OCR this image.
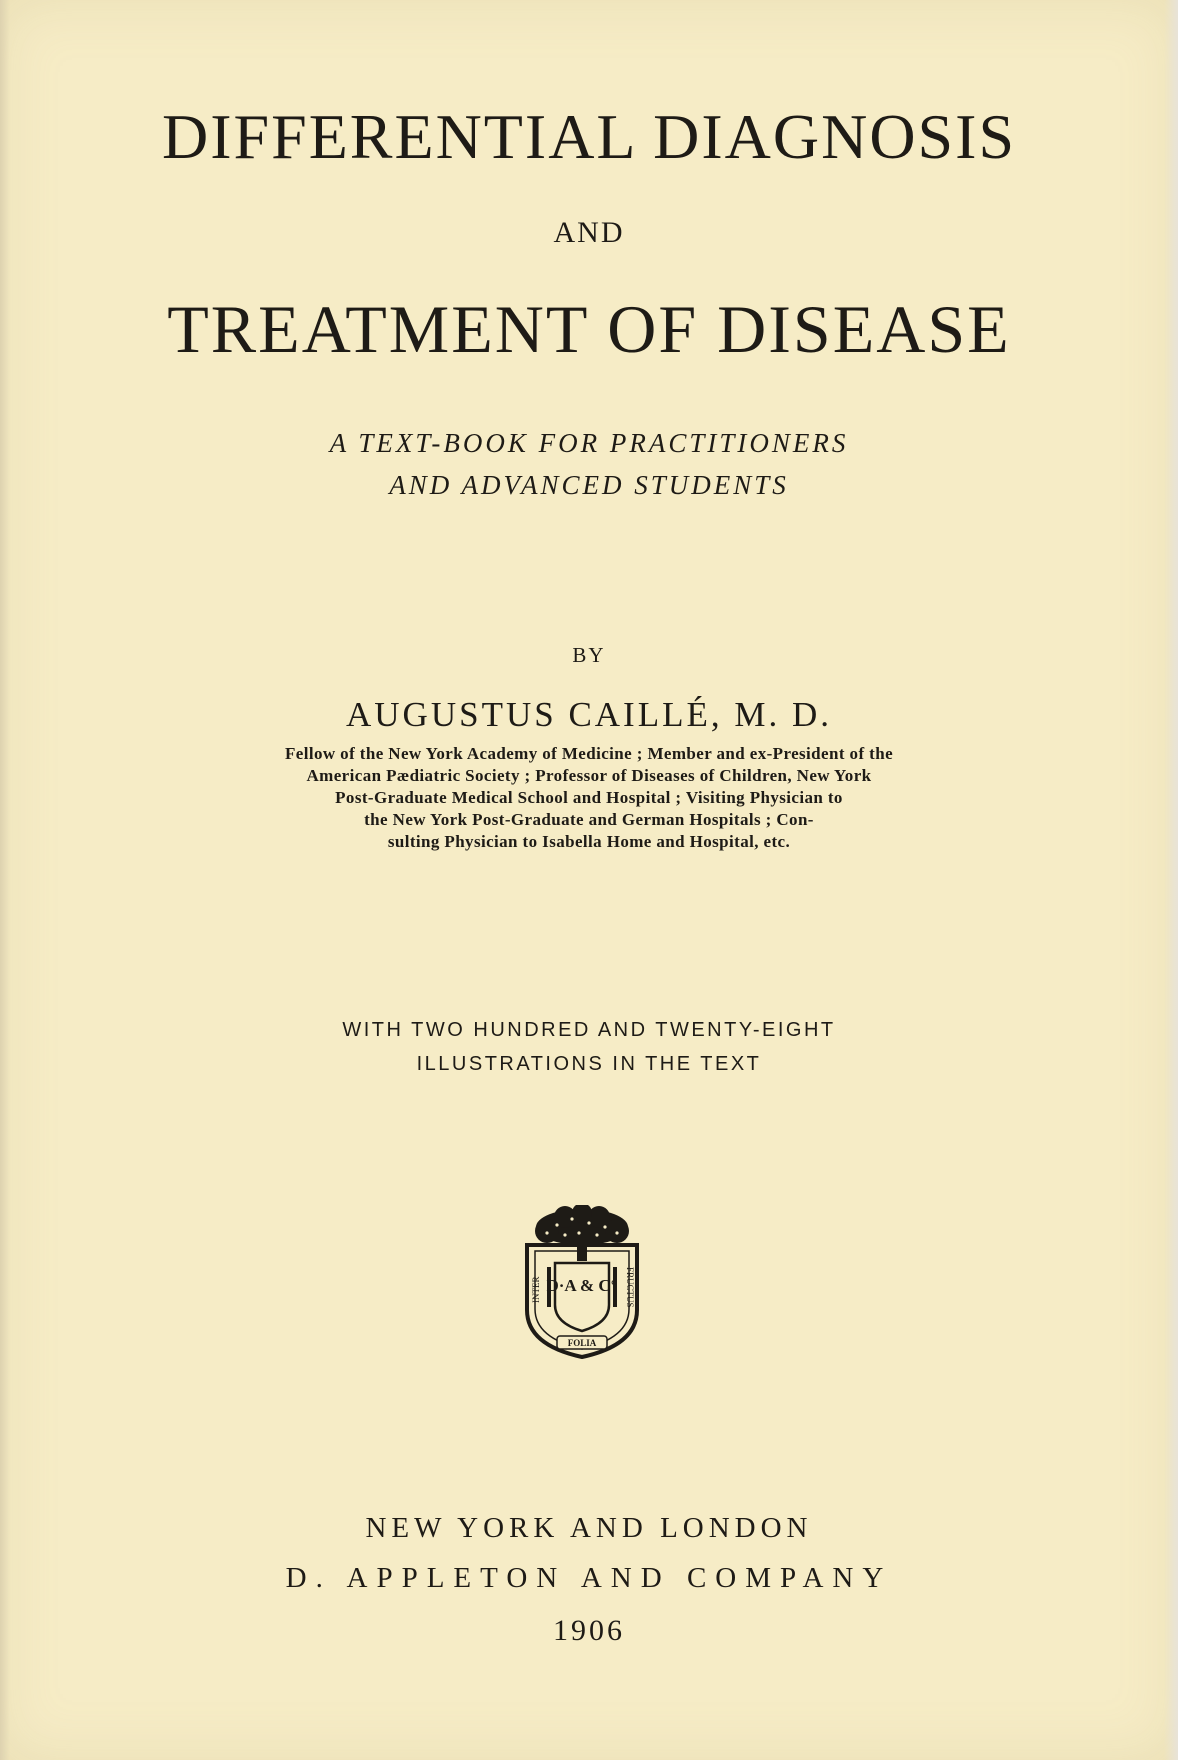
DIFFERENTIAL DIAGNOSIS
AND
TREATMENT OF DISEASE
A TEXT-BOOK FOR PRACTITIONERS
AND ADVANCED STUDENTS
BY
AUGUSTUS CAILLÉ, M. D.
Fellow of the New York Academy of Medicine ; Member and ex-President of the
American Pædiatric Society ; Professor of Diseases of Children, New York
Post-Graduate Medical School and Hospital ; Visiting Physician to
the New York Post-Graduate and German Hospitals ; Con-
sulting Physician to Isabella Home and Hospital, etc.
WITH TWO HUNDRED AND TWENTY-EIGHT
ILLUSTRATIONS IN THE TEXT
D·A & C°
INTER	FRUCTUS
FOLIA
NEW YORK AND LONDON
D. APPLETON AND COMPANY
1906
